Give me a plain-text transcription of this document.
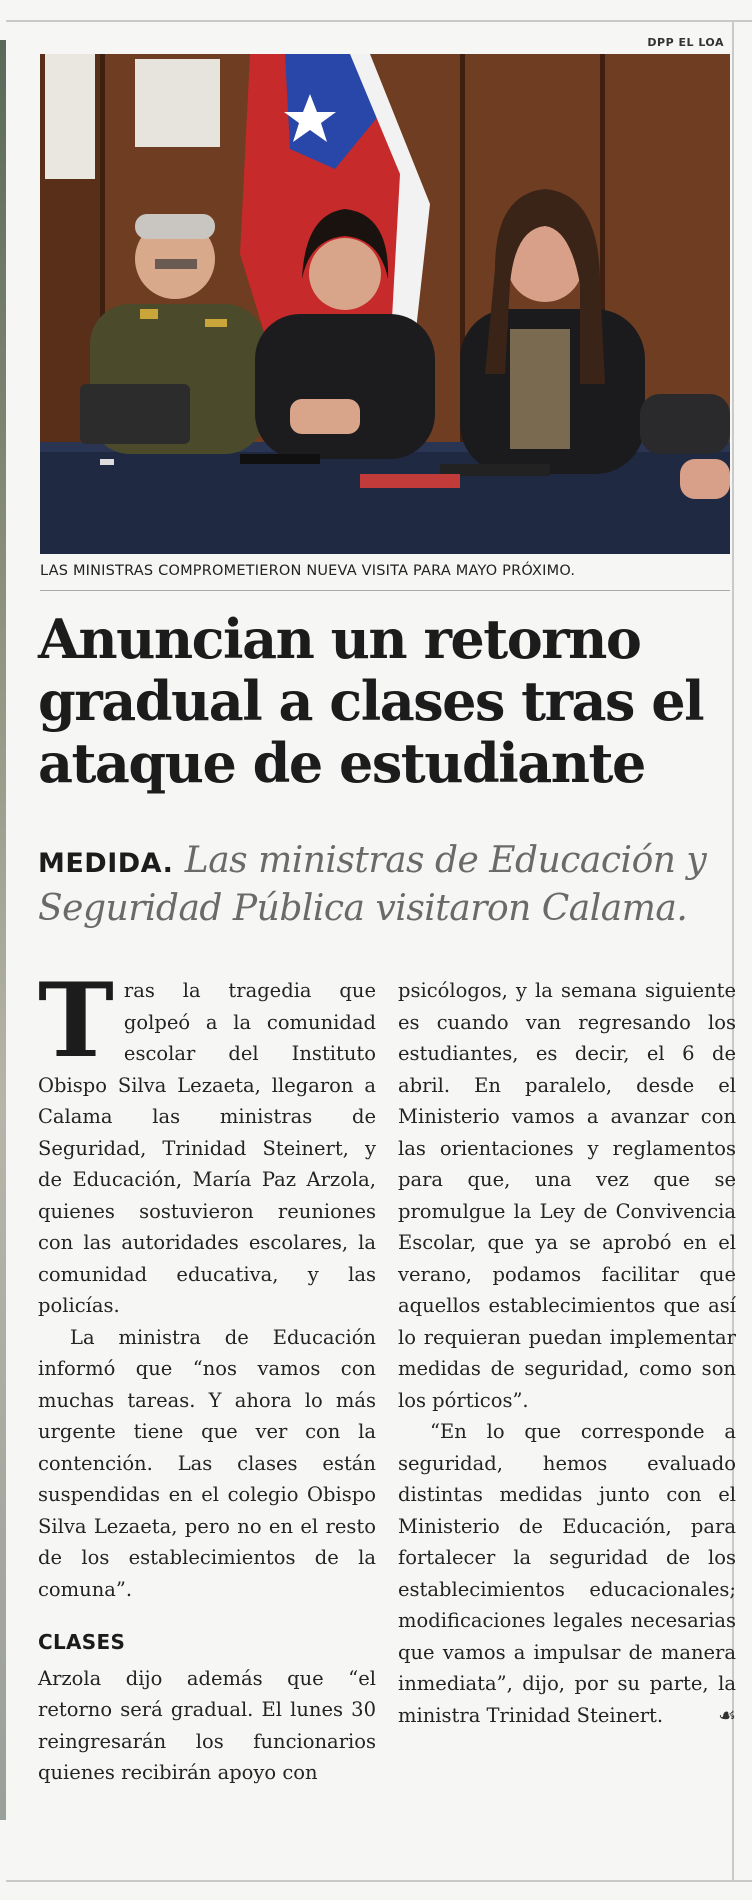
DPP EL LOA
LAS MINISTRAS COMPROMETIERON NUEVA VISITA PARA MAYO PRÓXIMO.
Anuncian un retorno gradual a clases tras el ataque de estudiante
MEDIDA. Las ministras de Educación y Seguridad Pública visitaron Calama.

Tras la tragedia que golpeó a la comunidad escolar del Instituto Obispo Silva Lezaeta, llegaron a Calama las ministras de Seguridad, Trinidad Steinert, y de Educación, María Paz Arzola, quienes sostuvieron reuniones con las autoridades escolares, la comunidad educativa, y las policías.

La ministra de Educación informó que “nos vamos con muchas tareas. Y ahora lo más urgente tiene que ver con la contención. Las clases están suspendidas en el colegio Obispo Silva Lezaeta, pero no en el resto de los establecimientos de la comuna”.

CLASES

Arzola dijo además que “el retorno será gradual. El lunes 30 reingresarán los funcionarios quienes recibirán apoyo con

psicólogos, y la semana siguiente es cuando van regresando los estudiantes, es decir, el 6 de abril. En paralelo, desde el Ministerio vamos a avanzar con las orientaciones y reglamentos para que, una vez que se promulgue la Ley de Convivencia Escolar, que ya se aprobó en el verano, podamos facilitar que aquellos establecimientos que así lo requieran puedan implementar medidas de seguridad, como son los pórticos”.

“En lo que corresponde a seguridad, hemos evaluado distintas medidas junto con el Ministerio de Educación, para fortalecer la seguridad de los establecimientos educacionales; modificaciones legales necesarias que vamos a impulsar de manera inmediata”, dijo, por su parte, la ministra Trinidad Steinert.	☙
